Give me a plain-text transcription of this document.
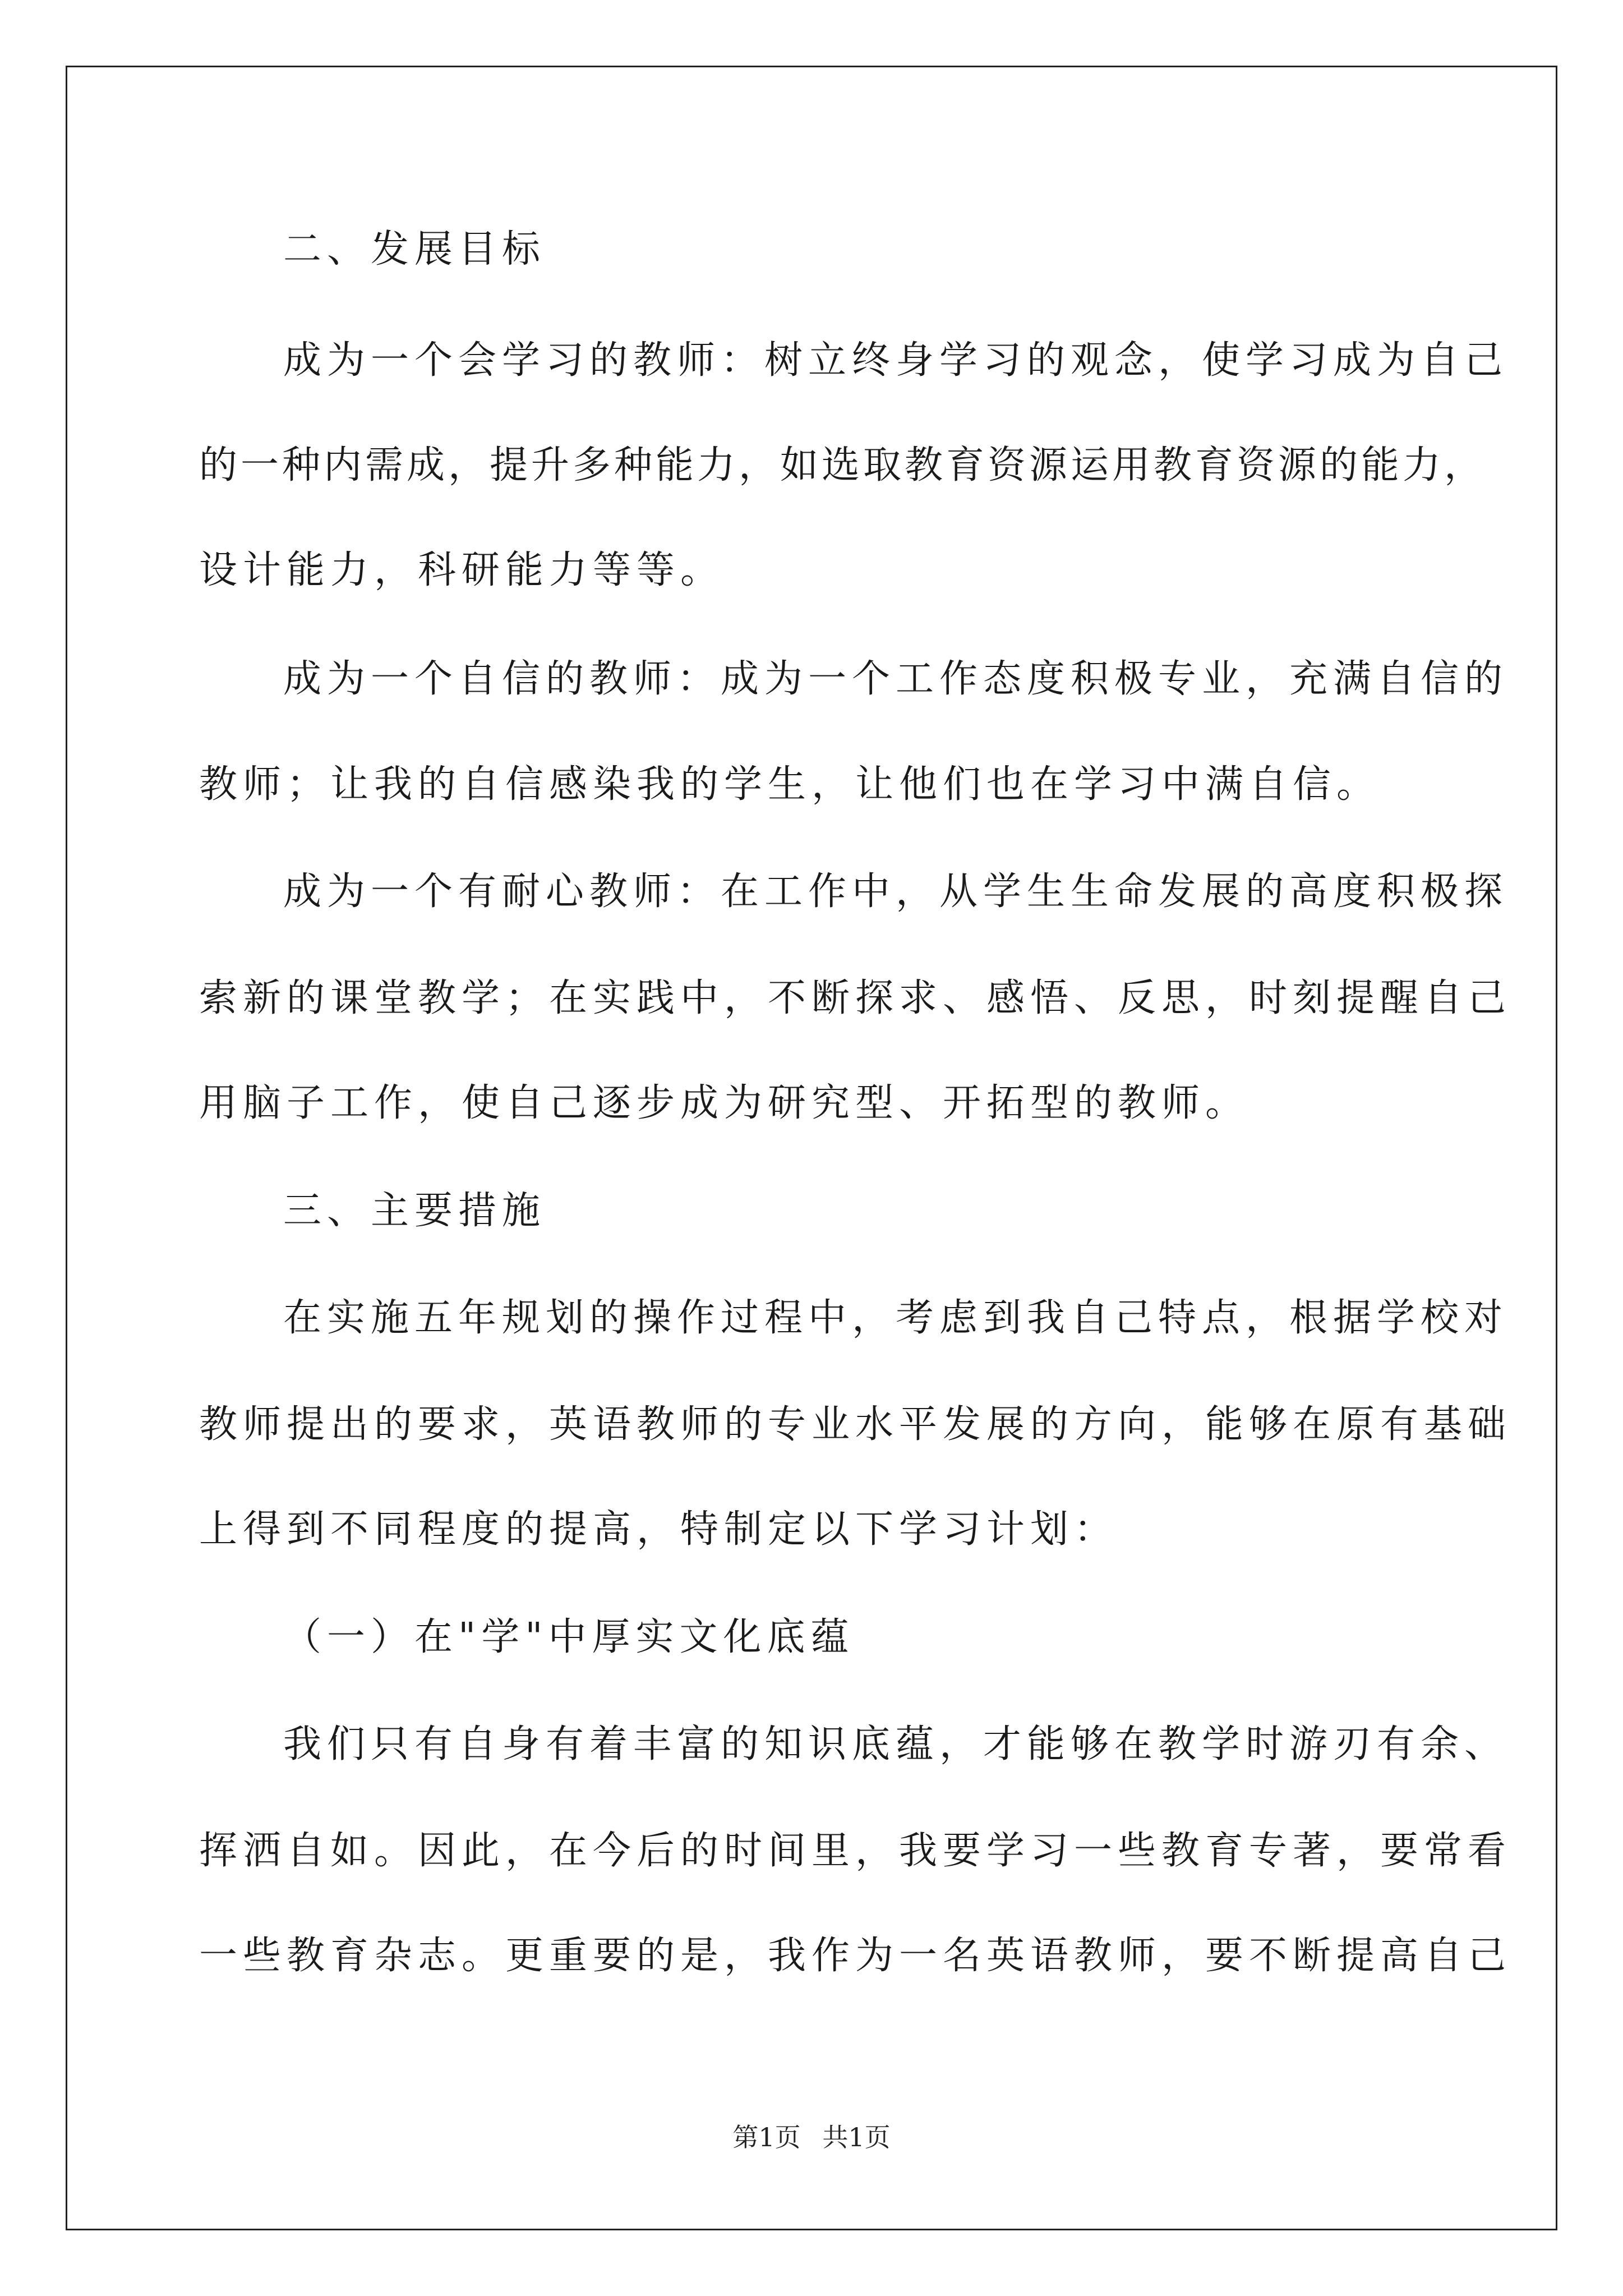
二、发展目标
成为一个会学习的教师：树立终身学习的观念，使学习成为自己
的一种内需成，提升多种能力，如选取教育资源运用教育资源的能力，
设计能力，科研能力等等。
成为一个自信的教师：成为一个工作态度积极专业，充满自信的
教师；让我的自信感染我的学生，让他们也在学习中满自信。
成为一个有耐心教师：在工作中，从学生生命发展的高度积极探
索新的课堂教学；在实践中，不断探求、感悟、反思，时刻提醒自己
用脑子工作，使自己逐步成为研究型、开拓型的教师。
三、主要措施
在实施五年规划的操作过程中，考虑到我自己特点，根据学校对
教师提出的要求，英语教师的专业水平发展的方向，能够在原有基础
上得到不同程度的提高，特制定以下学习计划：
（一）在"学"中厚实文化底蕴
我们只有自身有着丰富的知识底蕴，才能够在教学时游刃有余、
挥洒自如。因此，在今后的时间里，我要学习一些教育专著，要常看
一些教育杂志。更重要的是，我作为一名英语教师，要不断提高自己
第1页 共1页
